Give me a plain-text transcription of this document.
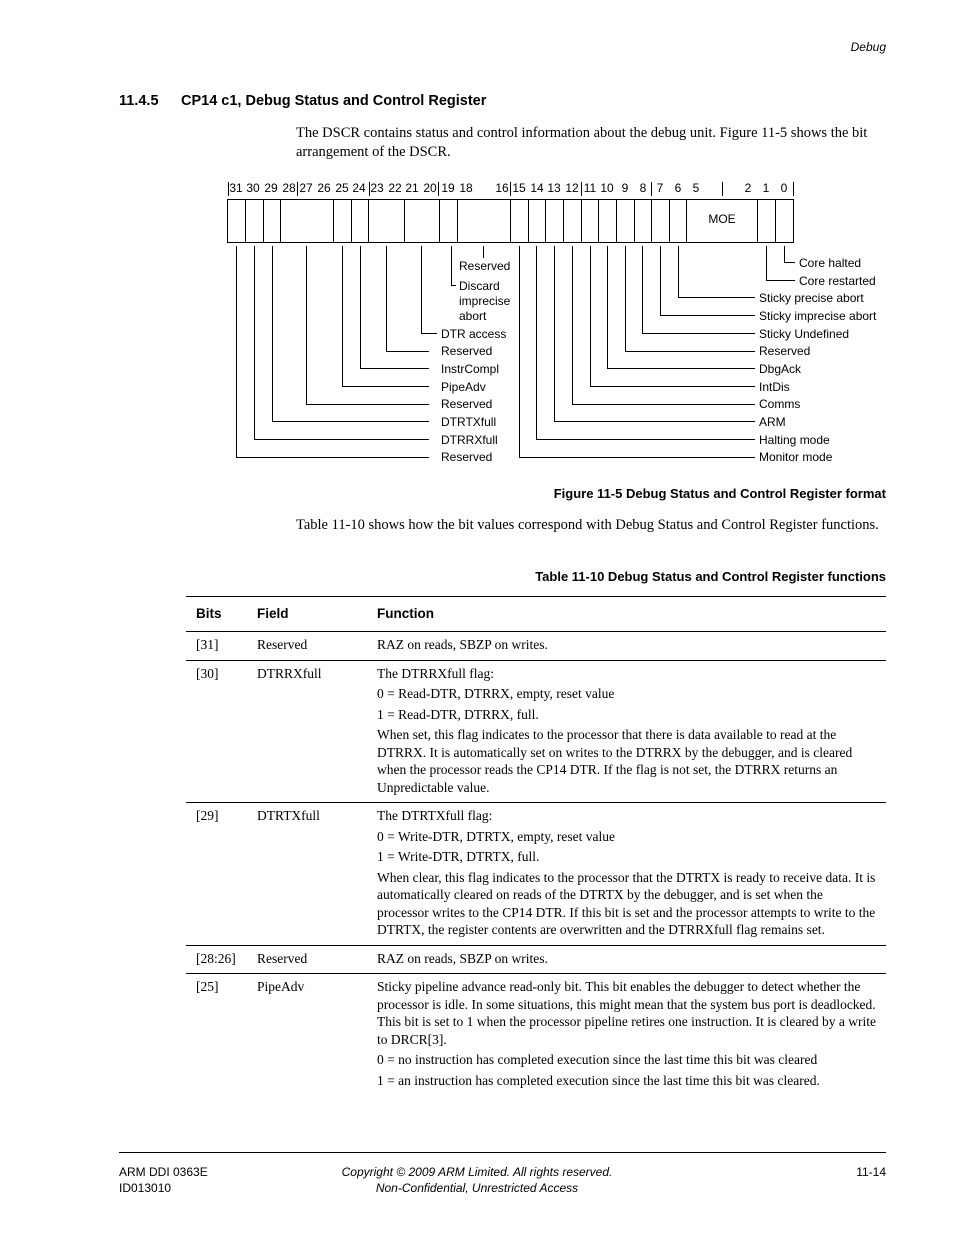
Debug
11.4.5 CP14 c1, Debug Status and Control Register
The DSCR contains status and control information about the debug unit. Figure 11-5 shows the bit arrangement of the DSCR.
31 30 29 28 27 26 25 24 23 22 21 20 19 18 16 15 14 13 12 11 10 9 8 7 6 5	2 1 0
MOE
DTR access
Reserved
InstrCompl
PipeAdv
Reserved
DTRTXfull
DTRRXfull
Reserved
Reserved
Discard
imprecise
abort
Core halted
Core restarted
Sticky precise abort
Sticky imprecise abort
Sticky Undefined
Reserved
DbgAck
IntDis
Comms
ARM
Halting mode
Monitor mode
Figure 11-5 Debug Status and Control Register format
Table 11-10 shows how the bit values correspond with Debug Status and Control Register functions.
Table 11-10 Debug Status and Control Register functions
Bits	Field	Function
[31]	Reserved	RAZ on reads, SBZP on writes.

[30]	DTRRXfull	The DTRRXfull flag:

0 = Read-DTR, DTRRX, empty, reset value

1 = Read-DTR, DTRRX, full.

When set, this flag indicates to the processor that there is data available to read at the DTRRX. It is automatically set on writes to the DTRRX by the debugger, and is cleared when the processor reads the CP14 DTR. If the flag is not set, the DTRRX returns an Unpredictable value.

[29]	DTRTXfull	The DTRTXfull flag:

0 = Write-DTR, DTRTX, empty, reset value

1 = Write-DTR, DTRTX, full.

When clear, this flag indicates to the processor that the DTRTX is ready to receive data. It is automatically cleared on reads of the DTRTX by the debugger, and is set when the processor writes to the CP14 DTR. If this bit is set and the processor attempts to write to the DTRTX, the register contents are overwritten and the DTRRXfull flag remains set.

[28:26]	Reserved	RAZ on reads, SBZP on writes.

[25]	PipeAdv	Sticky pipeline advance read-only bit. This bit enables the debugger to detect whether the processor is idle. In some situations, this might mean that the system bus port is deadlocked. This bit is set to 1 when the processor pipeline retires one instruction. It is cleared by a write to DRCR[3].

0 = no instruction has completed execution since the last time this bit was cleared

1 = an instruction has completed execution since the last time this bit was cleared.

ARM DDI 0363E
ID013010
Copyright © 2009 ARM Limited. All rights reserved.
Non-Confidential, Unrestricted Access
11-14
